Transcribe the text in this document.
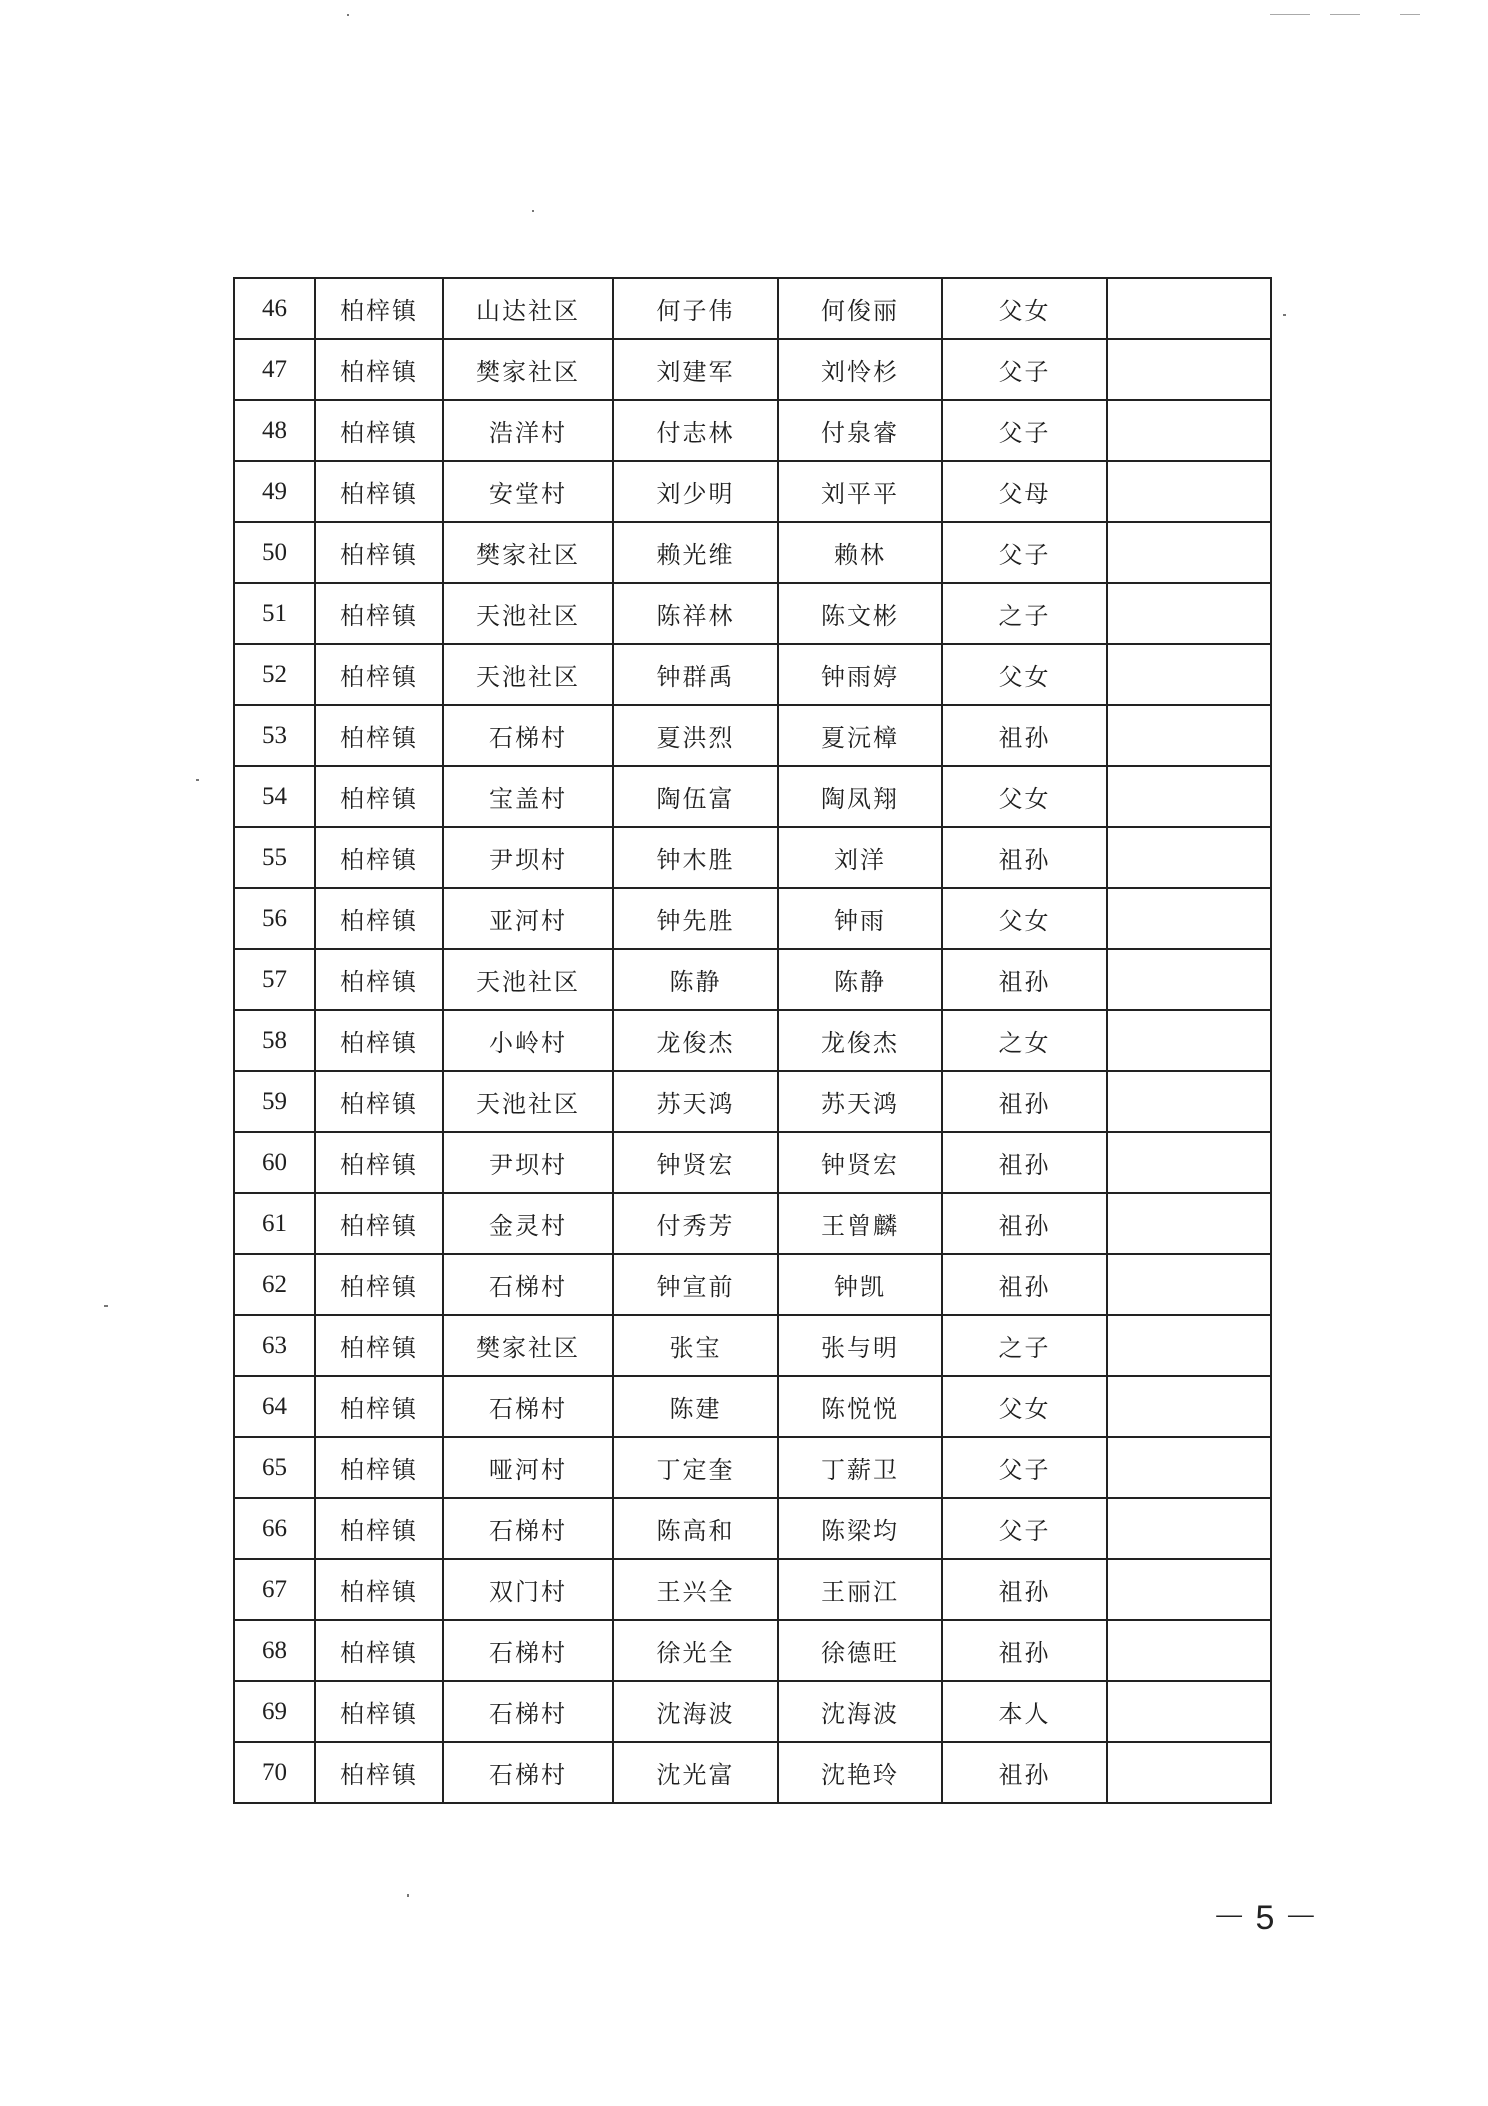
46	柏梓镇	山达社区	何子伟	何俊丽	父女	
47	柏梓镇	樊家社区	刘建军	刘怜杉	父子	
48	柏梓镇	浩洋村	付志林	付泉睿	父子	
49	柏梓镇	安堂村	刘少明	刘平平	父母	
50	柏梓镇	樊家社区	赖光维	赖林	父子	
51	柏梓镇	天池社区	陈祥林	陈文彬	之子	
52	柏梓镇	天池社区	钟群禹	钟雨婷	父女	
53	柏梓镇	石梯村	夏洪烈	夏沅樟	祖孙	
54	柏梓镇	宝盖村	陶伍富	陶凤翔	父女	
55	柏梓镇	尹坝村	钟木胜	刘洋	祖孙	
56	柏梓镇	亚河村	钟先胜	钟雨	父女	
57	柏梓镇	天池社区	陈静	陈静	祖孙	
58	柏梓镇	小岭村	龙俊杰	龙俊杰	之女	
59	柏梓镇	天池社区	苏天鸿	苏天鸿	祖孙	
60	柏梓镇	尹坝村	钟贤宏	钟贤宏	祖孙	
61	柏梓镇	金灵村	付秀芳	王曾麟	祖孙	
62	柏梓镇	石梯村	钟宣前	钟凯	祖孙	
63	柏梓镇	樊家社区	张宝	张与明	之子	
64	柏梓镇	石梯村	陈建	陈悦悦	父女	
65	柏梓镇	哑河村	丁定奎	丁薪卫	父子	
66	柏梓镇	石梯村	陈高和	陈梁均	父子	
67	柏梓镇	双门村	王兴全	王丽江	祖孙	
68	柏梓镇	石梯村	徐光全	徐德旺	祖孙	
69	柏梓镇	石梯村	沈海波	沈海波	本人	
70	柏梓镇	石梯村	沈光富	沈艳玲	祖孙	
－ 5 －
